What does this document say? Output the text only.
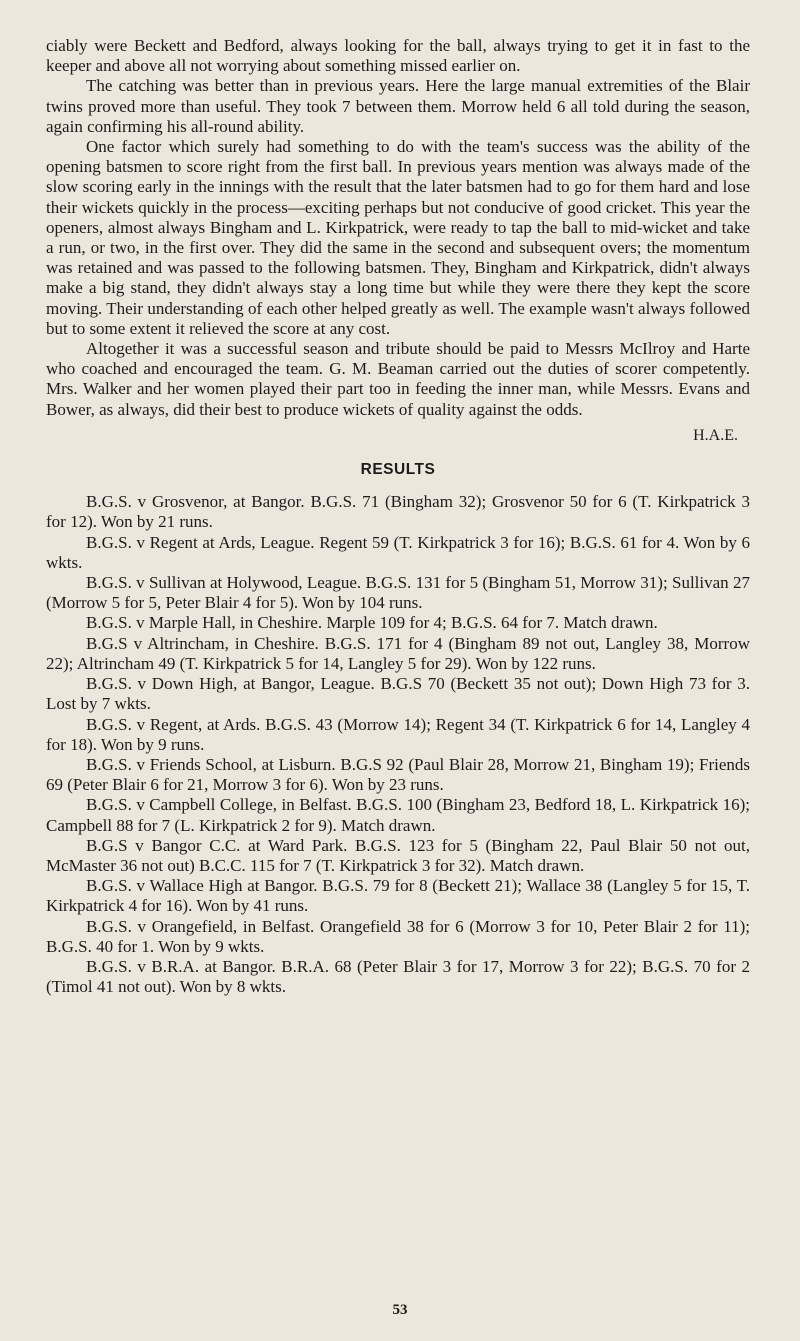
ciably were Beckett and Bedford, always looking for the ball, always trying to get it in fast to the keeper and above all not worrying about something missed earlier on.

The catching was better than in previous years. Here the large manual extremities of the Blair twins proved more than useful. They took 7 between them. Morrow held 6 all told during the season, again confirming his all-round ability.

One factor which surely had something to do with the team's success was the ability of the opening batsmen to score right from the first ball. In previous years mention was always made of the slow scoring early in the innings with the result that the later batsmen had to go for them hard and lose their wickets quickly in the process—exciting perhaps but not conducive of good cricket. This year the openers, almost always Bingham and L. Kirkpatrick, were ready to tap the ball to mid-wicket and take a run, or two, in the first over. They did the same in the second and subsequent overs; the momentum was retained and was passed to the following batsmen. They, Bingham and Kirkpatrick, didn't always make a big stand, they didn't always stay a long time but while they were there they kept the score moving. Their understanding of each other helped greatly as well. The example wasn't always followed but to some extent it relieved the score at any cost.

Altogether it was a successful season and tribute should be paid to Messrs McIlroy and Harte who coached and encouraged the team. G. M. Beaman carried out the duties of scorer competently. Mrs. Walker and her women played their part too in feeding the inner man, while Messrs. Evans and Bower, as always, did their best to produce wickets of quality against the odds.

H.A.E.
RESULTS

B.G.S. v Grosvenor, at Bangor. B.G.S. 71 (Bingham 32); Grosvenor 50 for 6 (T. Kirkpatrick 3 for 12). Won by 21 runs.

B.G.S. v Regent at Ards, League. Regent 59 (T. Kirkpatrick 3 for 16); B.G.S. 61 for 4. Won by 6 wkts.

B.G.S. v Sullivan at Holywood, League. B.G.S. 131 for 5 (Bingham 51, Morrow 31); Sullivan 27 (Morrow 5 for 5, Peter Blair 4 for 5). Won by 104 runs.

B.G.S. v Marple Hall, in Cheshire. Marple 109 for 4; B.G.S. 64 for 7. Match drawn.

B.G.S v Altrincham, in Cheshire. B.G.S. 171 for 4 (Bingham 89 not out, Langley 38, Morrow 22); Altrincham 49 (T. Kirkpatrick 5 for 14, Langley 5 for 29). Won by 122 runs.

B.G.S. v Down High, at Bangor, League. B.G.S 70 (Beckett 35 not out); Down High 73 for 3. Lost by 7 wkts.

B.G.S. v Regent, at Ards. B.G.S. 43 (Morrow 14); Regent 34 (T. Kirkpatrick 6 for 14, Langley 4 for 18). Won by 9 runs.

B.G.S. v Friends School, at Lisburn. B.G.S 92 (Paul Blair 28, Morrow 21, Bingham 19); Friends 69 (Peter Blair 6 for 21, Morrow 3 for 6). Won by 23 runs.

B.G.S. v Campbell College, in Belfast. B.G.S. 100 (Bingham 23, Bedford 18, L. Kirkpatrick 16); Campbell 88 for 7 (L. Kirkpatrick 2 for 9). Match drawn.

B.G.S v Bangor C.C. at Ward Park. B.G.S. 123 for 5 (Bingham 22, Paul Blair 50 not out, McMaster 36 not out) B.C.C. 115 for 7 (T. Kirkpatrick 3 for 32). Match drawn.

B.G.S. v Wallace High at Bangor. B.G.S. 79 for 8 (Beckett 21); Wallace 38 (Langley 5 for 15, T. Kirkpatrick 4 for 16). Won by 41 runs.

B.G.S. v Orangefield, in Belfast. Orangefield 38 for 6 (Morrow 3 for 10, Peter Blair 2 for 11); B.G.S. 40 for 1. Won by 9 wkts.

B.G.S. v B.R.A. at Bangor. B.R.A. 68 (Peter Blair 3 for 17, Morrow 3 for 22); B.G.S. 70 for 2 (Timol 41 not out). Won by 8 wkts.

53
